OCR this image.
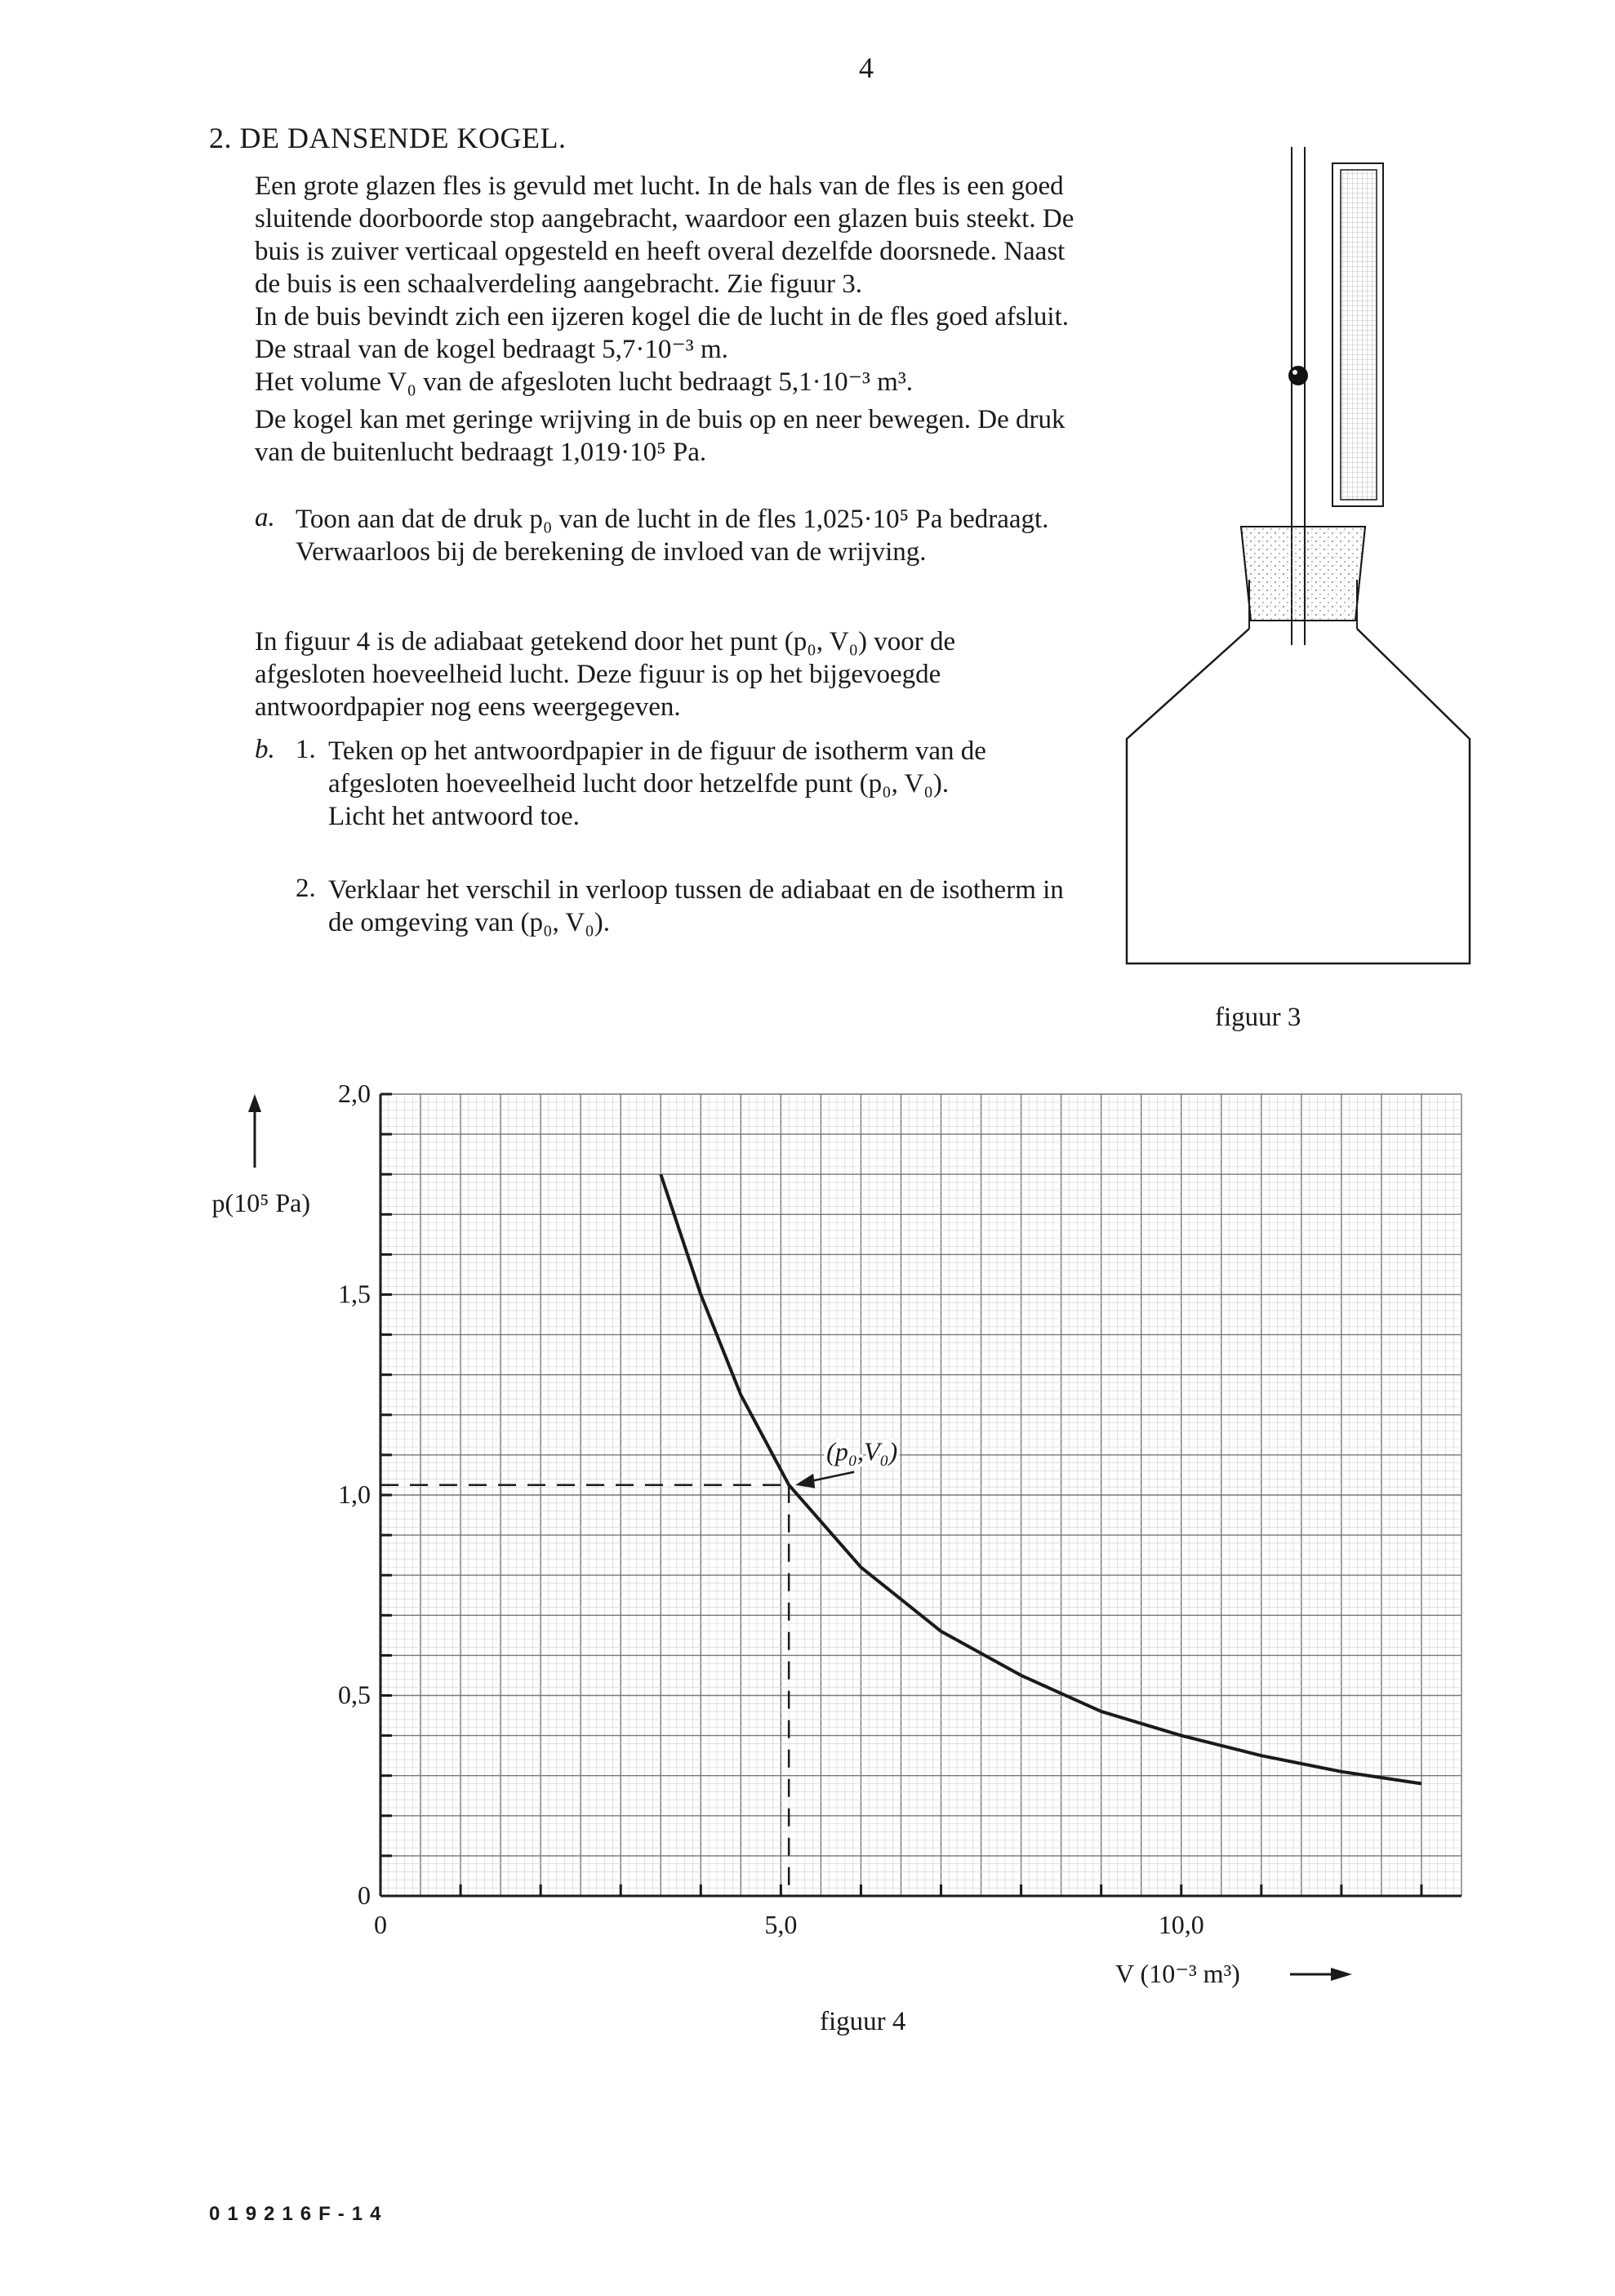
4
2. DE DANSENDE KOGEL.

Een grote glazen fles is gevuld met lucht. In de hals van de fles is een goed sluitende doorboorde stop aangebracht, waardoor een glazen buis steekt. De buis is zuiver verticaal opgesteld en heeft overal dezelfde doorsnede. Naast de buis is een schaalverdeling aangebracht. Zie figuur 3.

In de buis bevindt zich een ijzeren kogel die de lucht in de fles goed afsluit. De straal van de kogel bedraagt 5,7·10⁻³ m.

Het volume V₀ van de afgesloten lucht bedraagt 5,1·10⁻³ m³.

De kogel kan met geringe wrijving in de buis op en neer bewegen. De druk van de buitenlucht bedraagt 1,019·10⁵ Pa.

a. Toon aan dat de druk p₀ van de lucht in de fles 1,025·10⁵ Pa bedraagt. Verwaarloos bij de berekening de invloed van de wrijving.
In figuur 4 is de adiabaat getekend door het punt (p₀, V₀) voor de afgesloten hoeveelheid lucht. Deze figuur is op het bijgevoegde antwoordpapier nog eens weergegeven.
b. 1. Teken op het antwoordpapier in de figuur de isotherm van de afgesloten hoeveelheid lucht door hetzelfde punt (p₀, V₀).

Licht het antwoord toe.

2. Verklaar het verschil in verloop tussen de adiabaat en de isotherm in de omgeving van (p₀, V₀).
figuur 3
0	5,0	10,0
0
0,5
1,0
1,5
2,0
p(10⁵ Pa)
V (10⁻³ m³)
(p₀,V₀)
figuur 4
019216F-14
